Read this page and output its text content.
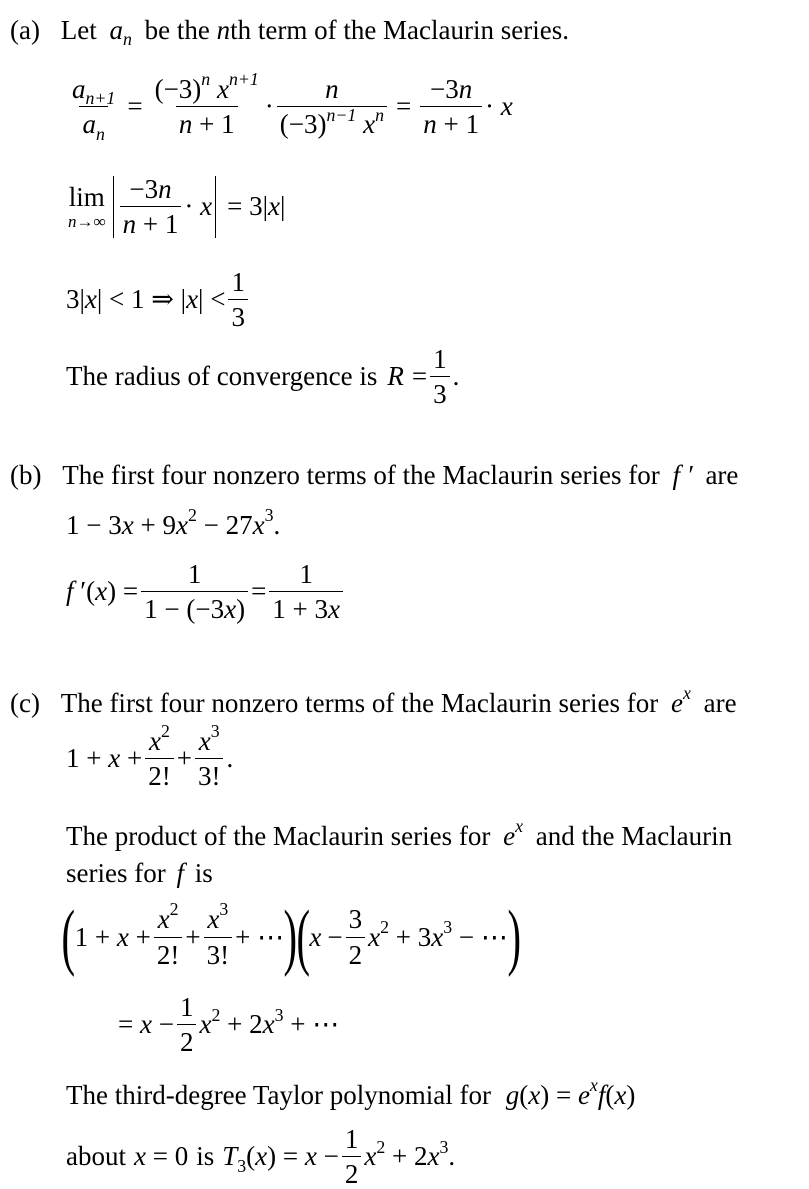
(a) Let $a_n$ be the nth term of the Maclaurin series.
$\frac{a_{n+1}}{a_n} = \frac{(-3)^n x^{n+1}}{n + 1} \cdot \frac{n}{(-3)^{n-1} x^n} = \frac{-3n}{n + 1} \cdot x$
lim
$n\to\infty \frac{-3n}{n + 1} \cdot x = 3|x|$
3|x| < 1 ⇒ $|x| < \frac{1}{3}$
The radius of convergence is $R = \frac{1}{3}$ .
(b) The first four nonzero terms of the Maclaurin series for f ′ are
$1 - 3x + 9x^2 - 27x^3$.
f $'(x) = \frac{1}{1 - (-3x)} = \frac{1}{1 + 3x}$
(c) The first four nonzero terms of the Maclaurin series for $e^x$ are
$1 + x + \frac{x^2}{2!} + \frac{x^3}{3!}$ .
The product of the Maclaurin series for $e^x$ and the Maclaurin
series for f is
( $1 + x + \frac{x^2}{2!} + \frac{x^3}{3!}$ + ⋯ ) ( $x - \frac{3}{2} x^2 + 3x^3$ − ⋯ )
= $x - \frac{1}{2} x^2 + 2x^3$ + ⋯
The third-degree Taylor polynomial for $g(x) = e^xf(x)$
about x = 0 is $T_3(x) = x - \frac{1}{2} x^2 + 2x^3$.
